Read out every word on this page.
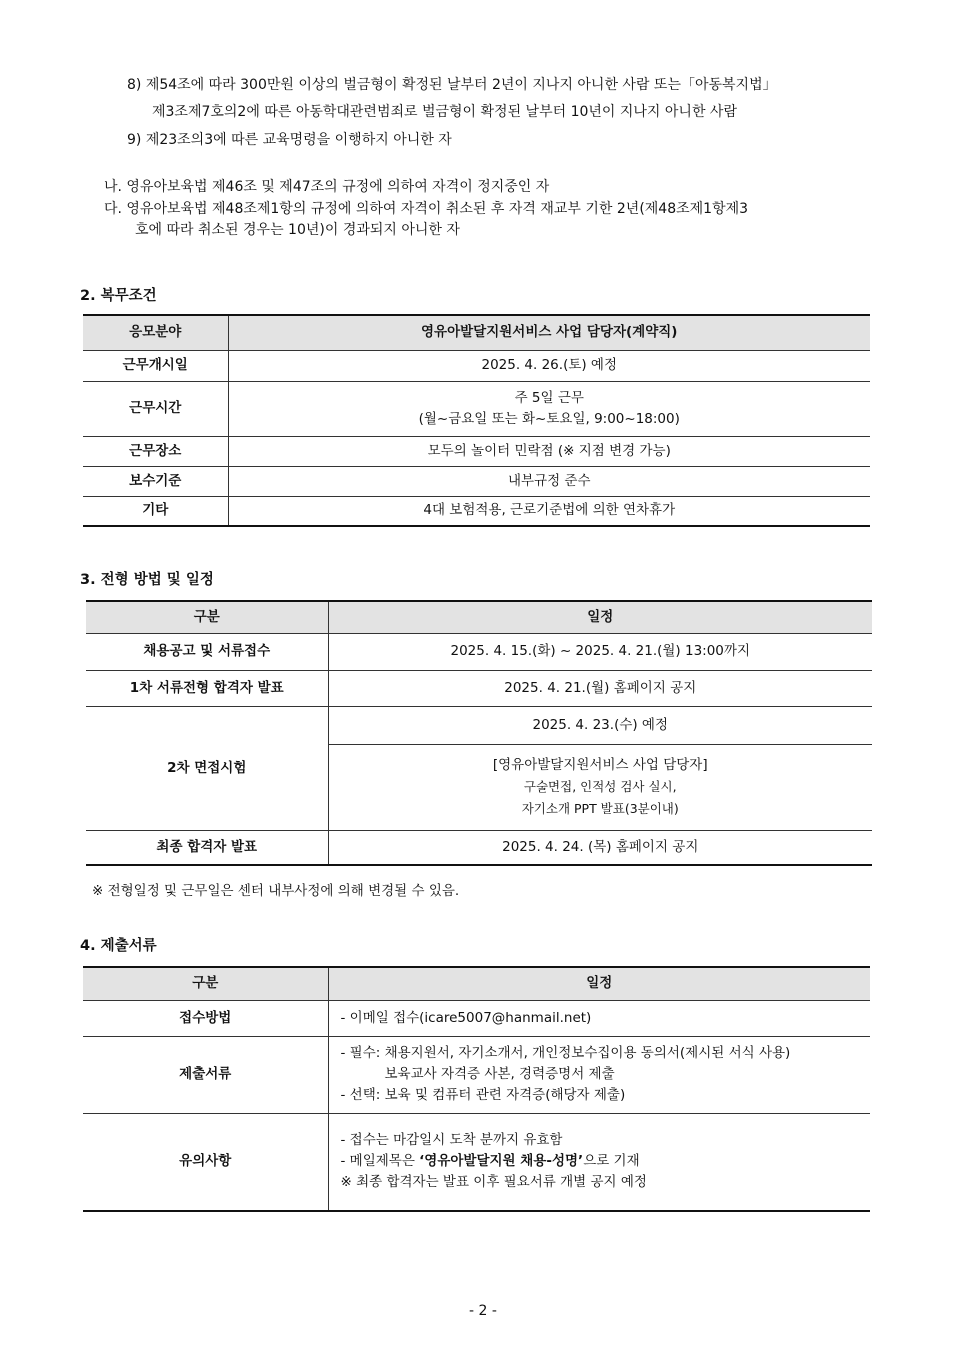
8) 제54조에 따라 300만원 이상의 벌금형이 확정된 날부터 2년이 지나지 아니한 사람 또는「아동복지법」
제3조제7호의2에 따른 아동학대관련범죄로 벌금형이 확정된 날부터 10년이 지나지 아니한 사람
9) 제23조의3에 따른 교육명령을 이행하지 아니한 자
나. 영유아보육법 제46조 및 제47조의 규정에 의하여 자격이 정지중인 자
다. 영유아보육법 제48조제1항의 규정에 의하여 자격이 취소된 후 자격 재교부 기한 2년(제48조제1항제3
호에 따라 취소된 경우는 10년)이 경과되지 아니한 자
2. 복무조건
응모분야	영유아발달지원서비스 사업 담당자(계약직)
근무개시일	2025. 4. 26.(토) 예정
근무시간	주 5일 근무
(월~금요일 또는 화~토요일, 9:00~18:00)

근무장소	모두의 놀이터 민락점 (※ 지점 변경 가능)
보수기준	내부규정 준수
기타	4대 보험적용, 근로기준법에 의한 연차휴가
3. 전형 방법 및 일정
구분	일정
채용공고 및 서류접수	2025. 4. 15.(화) ~ 2025. 4. 21.(월) 13:00까지
1차 서류전형 합격자 발표	2025. 4. 21.(월) 홈페이지 공지
2차 면접시험	2025. 4. 23.(수) 예정

	[영유아발달지원서비스 사업 담당자]
구술면접, 인적성 검사 실시,
자기소개 PPT 발표(3분이내)

최종 합격자 발표	2025. 4. 24. (목) 홈페이지 공지
※ 전형일정 및 근무일은 센터 내부사정에 의해 변경될 수 있음.
4. 제출서류
구분	일정
접수방법	- 이메일 접수(icare5007@hanmail.net)
제출서류	- 필수: 채용지원서, 자기소개서, 개인정보수집이용 동의서(제시된 서식 사용)
보육교사 자격증 사본, 경력증명서 제출
- 선택: 보육 및 컴퓨터 관련 자격증(해당자 제출)

유의사항	- 접수는 마감일시 도착 분까지 유효함
- 메일제목은 ‘영유아발달지원 채용-성명’으로 기재
※ 최종 합격자는 발표 이후 필요서류 개별 공지 예정
- 2 -
